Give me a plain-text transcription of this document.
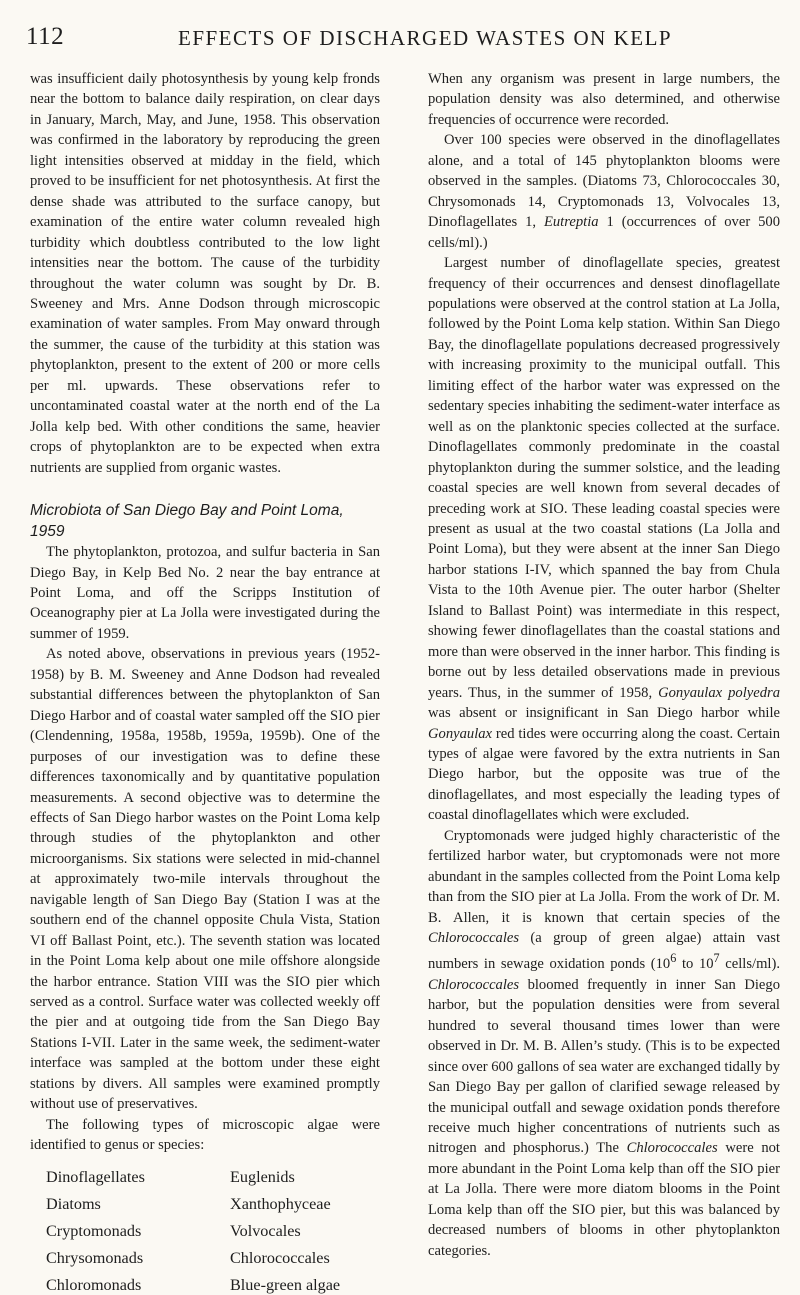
112	EFFECTS OF DISCHARGED WASTES ON KELP

was insufficient daily photosynthesis by young kelp fronds near the bottom to balance daily respiration, on clear days in January, March, May, and June, 1958. This observation was confirmed in the laboratory by reproducing the green light intensities observed at midday in the field, which proved to be insufficient for net photosynthesis. At first the dense shade was attributed to the surface canopy, but examination of the entire water column revealed high turbidity which doubtless contributed to the low light intensities near the bottom. The cause of the turbidity throughout the water column was sought by Dr. B. Sweeney and Mrs. Anne Dodson through microscopic examination of water samples. From May onward through the summer, the cause of the turbidity at this station was phytoplankton, present to the extent of 200 or more cells per ml. upwards. These observations refer to uncontaminated coastal water at the north end of the La Jolla kelp bed. With other conditions the same, heavier crops of phytoplankton are to be expected when extra nutrients are supplied from organic wastes.

Microbiota of San Diego Bay and Point Loma, 1959

The phytoplankton, protozoa, and sulfur bacteria in San Diego Bay, in Kelp Bed No. 2 near the bay entrance at Point Loma, and off the Scripps Institution of Oceanography pier at La Jolla were investigated during the summer of 1959.

As noted above, observations in previous years (1952-1958) by B. M. Sweeney and Anne Dodson had revealed substantial differences between the phytoplankton of San Diego Harbor and of coastal water sampled off the SIO pier (Clendenning, 1958a, 1958b, 1959a, 1959b). One of the purposes of our investigation was to define these differences taxonomically and by quantitative population measurements. A second objective was to determine the effects of San Diego harbor wastes on the Point Loma kelp through studies of the phytoplankton and other microorganisms. Six stations were selected in mid-channel at approximately two-mile intervals throughout the navigable length of San Diego Bay (Station I was at the southern end of the channel opposite Chula Vista, Station VI off Ballast Point, etc.). The seventh station was located in the Point Loma kelp about one mile offshore alongside the harbor entrance. Station VIII was the SIO pier which served as a control. Surface water was collected weekly off the pier and at outgoing tide from the San Diego Bay Stations I-VII. Later in the same week, the sediment-water interface was sampled at the bottom under these eight stations by divers. All samples were examined promptly without use of preservatives.

The following types of microscopic algae were identified to genus or species:

Dinoflagellates	Euglenids
Diatoms	Xanthophyceae
Cryptomonads	Volvocales
Chrysomonads	Chlorococcales
Chloromonads	Blue-green algae

When any organism was present in large numbers, the population density was also determined, and otherwise frequencies of occurrence were recorded.

Over 100 species were observed in the dinoflagellates alone, and a total of 145 phytoplankton blooms were observed in the samples. (Diatoms 73, Chlorococcales 30, Chrysomonads 14, Cryptomonads 13, Volvocales 13, Dinoflagellates 1, Eutreptia 1 (occurrences of over 500 cells/ml).)

Largest number of dinoflagellate species, greatest frequency of their occurrences and densest dinoflagellate populations were observed at the control station at La Jolla, followed by the Point Loma kelp station. Within San Diego Bay, the dinoflagellate populations decreased progressively with increasing proximity to the municipal outfall. This limiting effect of the harbor water was expressed on the sedentary species inhabiting the sediment-water interface as well as on the planktonic species collected at the surface. Dinoflagellates commonly predominate in the coastal phytoplankton during the summer solstice, and the leading coastal species are well known from several decades of preceding work at SIO. These leading coastal species were present as usual at the two coastal stations (La Jolla and Point Loma), but they were absent at the inner San Diego harbor stations I-IV, which spanned the bay from Chula Vista to the 10th Avenue pier. The outer harbor (Shelter Island to Ballast Point) was intermediate in this respect, showing fewer dinoflagellates than the coastal stations and more than were observed in the inner harbor. This finding is borne out by less detailed observations made in previous years. Thus, in the summer of 1958, Gonyaulax polyedra was absent or insignificant in San Diego harbor while Gonyaulax red tides were occurring along the coast. Certain types of algae were favored by the extra nutrients in San Diego harbor, but the opposite was true of the dinoflagellates, and most especially the leading types of coastal dinoflagellates which were excluded.

Cryptomonads were judged highly characteristic of the fertilized harbor water, but cryptomonads were not more abundant in the samples collected from the Point Loma kelp than from the SIO pier at La Jolla. From the work of Dr. M. B. Allen, it is known that certain species of the Chlorococcales (a group of green algae) attain vast numbers in sewage oxidation ponds ($10^6$ to $10^7$ cells/ml). Chlorococcales bloomed frequently in inner San Diego harbor, but the population densities were from several hundred to several thousand times lower than were observed in Dr. M. B. Allen’s study. (This is to be expected since over 600 gallons of sea water are exchanged tidally by San Diego Bay per gallon of clarified sewage released by the municipal outfall and sewage oxidation ponds therefore receive much higher concentrations of nutrients such as nitrogen and phosphorus.) The Chlorococcales were not more abundant in the Point Loma kelp than off the SIO pier at La Jolla. There were more diatom blooms in the Point Loma kelp than off the SIO pier, but this was balanced by decreased numbers of blooms in other phytoplankton categories.
